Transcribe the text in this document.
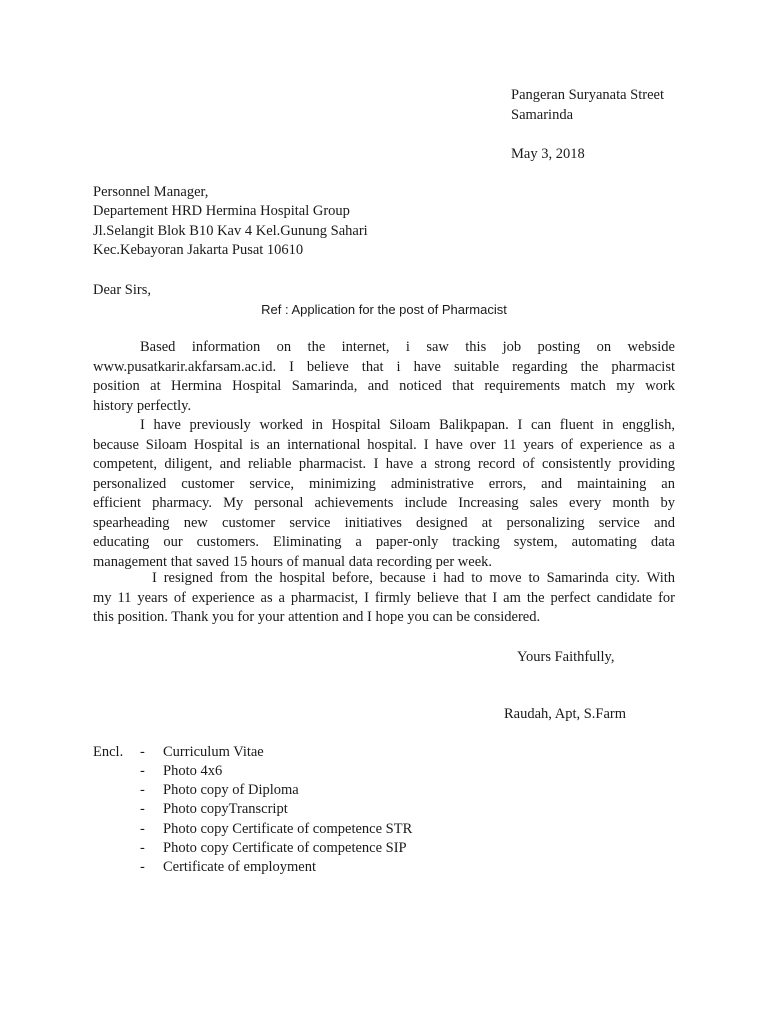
Pangeran Suryanata Street
Samarinda
May 3, 2018
Personnel Manager,
Departement HRD Hermina Hospital Group
Jl.Selangit Blok B10 Kav 4 Kel.Gunung Sahari
Kec.Kebayoran Jakarta Pusat 10610
Dear Sirs,
Ref : Application for the post of Pharmacist
Based information on the internet, i saw this job posting on webside
www.pusatkarir.akfarsam.ac.id. I believe that i have suitable regarding the pharmacist
position at Hermina Hospital Samarinda, and noticed that requirements match my work
history perfectly.
I have previously worked in Hospital Siloam Balikpapan. I can fluent in engglish,
because Siloam Hospital is an international hospital. I have over 11 years of experience as a
competent, diligent, and reliable pharmacist. I have a strong record of consistently providing
personalized customer service, minimizing administrative errors, and maintaining an
efficient pharmacy. My personal achievements include Increasing sales every month by
spearheading new customer service initiatives designed at personalizing service and
educating our customers. Eliminating a paper-only tracking system, automating data
management that saved 15 hours of manual data recording per week.
I resigned from the hospital before, because i had to move to Samarinda city. With
my 11 years of experience as a pharmacist, I firmly believe that I am the perfect candidate for
this position. Thank you for your attention and I hope you can be considered.
Yours Faithfully,
Raudah, Apt, S.Farm
Encl. - Curriculum Vitae
- Photo 4x6
- Photo copy of Diploma
- Photo copyTranscript
- Photo copy Certificate of competence STR
- Photo copy Certificate of competence SIP
- Certificate of employment
